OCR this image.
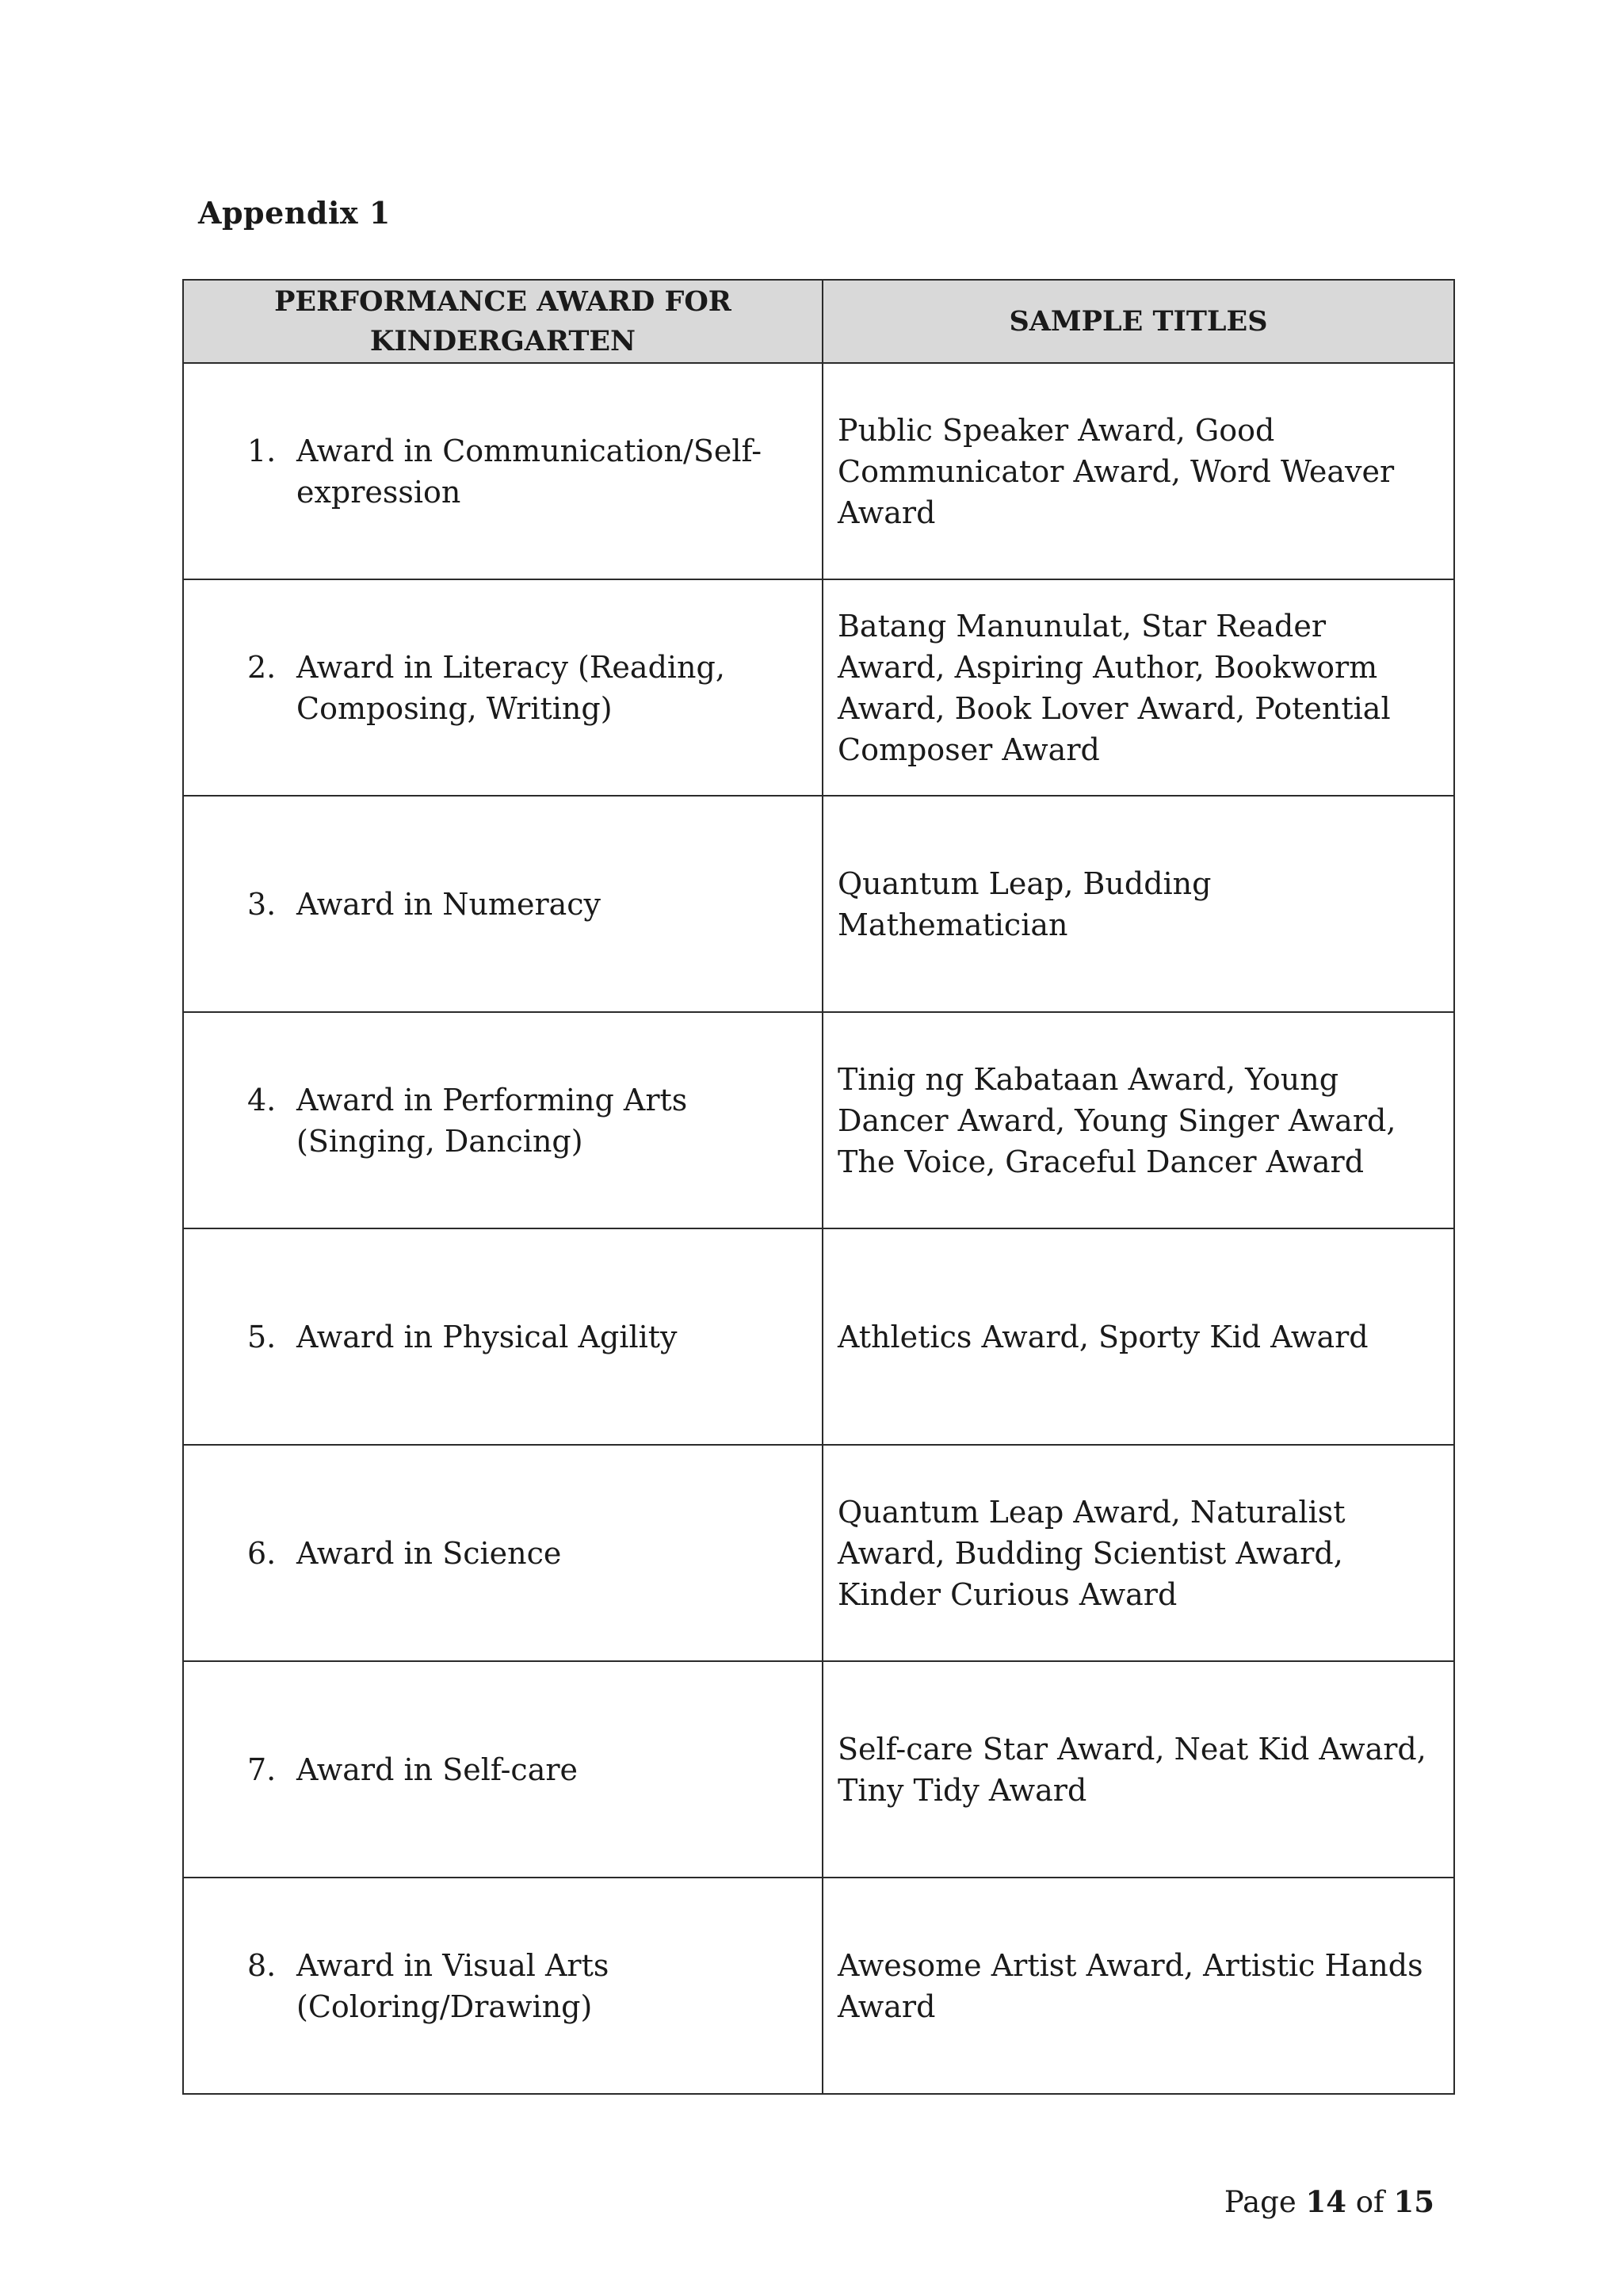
Appendix 1
PERFORMANCE AWARD FOR KINDERGARTEN	SAMPLE TITLES

1. Award in Communication/Self-expression	Public Speaker Award, Good Communicator Award, Word Weaver Award

2. Award in Literacy (Reading, Composing, Writing)	Batang Manunulat, Star Reader Award, Aspiring Author, Bookworm Award, Book Lover Award, Potential Composer Award

3. Award in Numeracy	Quantum Leap, Budding Mathematician

4. Award in Performing Arts (Singing, Dancing)	Tinig ng Kabataan Award, Young Dancer Award, Young Singer Award, The Voice, Graceful Dancer Award

5. Award in Physical Agility	Athletics Award, Sporty Kid Award

6. Award in Science	Quantum Leap Award, Naturalist Award, Budding Scientist Award, Kinder Curious Award

7. Award in Self-care	Self-care Star Award, Neat Kid Award, Tiny Tidy Award

8. Award in Visual Arts (Coloring/Drawing)	Awesome Artist Award, Artistic Hands Award
Page 14 of 15
